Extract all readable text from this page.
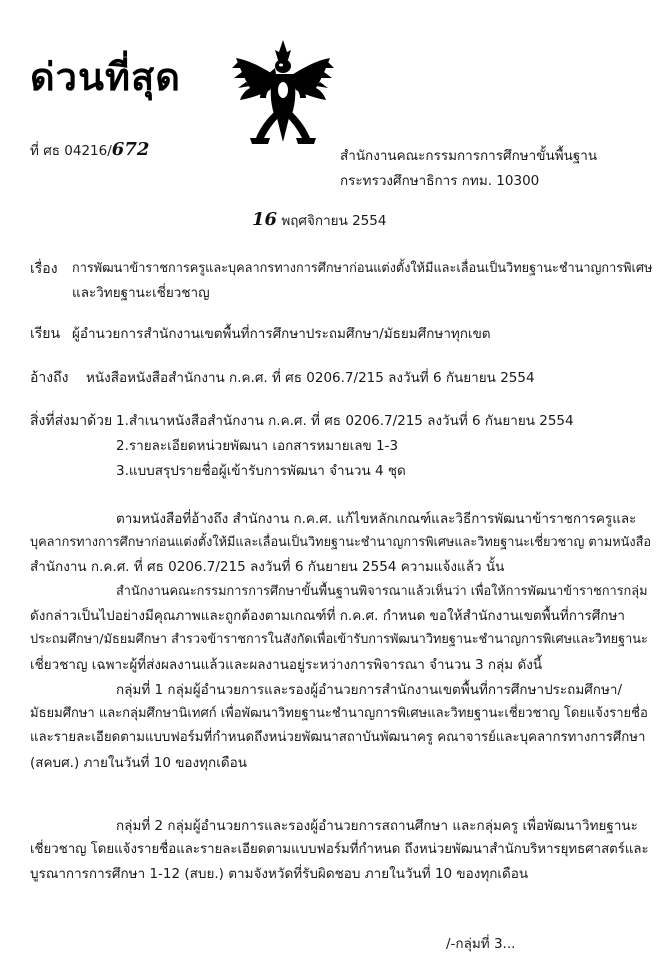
ด่วนที่สุด
ที่ ศธ 04216/672	สำนักงานคณะกรรมการการศึกษาขั้นพื้นฐาน
กระทรวงศึกษาธิการ กทม. 10300
16 พฤศจิกายน 2554
เรื่อง การพัฒนาข้าราชการครูและบุคลากรทางการศึกษาก่อนแต่งตั้งให้มีและเลื่อนเป็นวิทยฐานะชำนาญการพิเศษ
และวิทยฐานะเชี่ยวชาญ
เรียน ผู้อำนวยการสำนักงานเขตพื้นที่การศึกษาประถมศึกษา/มัธยมศึกษาทุกเขต
อ้างถึง หนังสือหนังสือสำนักงาน ก.ค.ศ. ที่ ศธ 0206.7/215 ลงวันที่ 6 กันยายน 2554
สิ่งที่ส่งมาด้วย 1.สำเนาหนังสือสำนักงาน ก.ค.ศ. ที่ ศธ 0206.7/215 ลงวันที่ 6 กันยายน 2554
2.รายละเอียดหน่วยพัฒนา เอกสารหมายเลข 1-3
3.แบบสรุปรายชื่อผู้เข้ารับการพัฒนา จำนวน 4 ชุด
ตามหนังสือที่อ้างถึง สำนักงาน ก.ค.ศ. แก้ไขหลักเกณฑ์และวิธีการพัฒนาข้าราชการครูและ
บุคลากรทางการศึกษาก่อนแต่งตั้งให้มีและเลื่อนเป็นวิทยฐานะชำนาญการพิเศษและวิทยฐานะเชี่ยวชาญ ตามหนังสือ
สำนักงาน ก.ค.ศ. ที่ ศธ 0206.7/215 ลงวันที่ 6 กันยายน 2554 ความแจ้งแล้ว นั้น
สำนักงานคณะกรรมการการศึกษาขั้นพื้นฐานพิจารณาแล้วเห็นว่า เพื่อให้การพัฒนาข้าราชการกลุ่ม
ดังกล่าวเป็นไปอย่างมีคุณภาพและถูกต้องตามเกณฑ์ที่ ก.ค.ศ. กำหนด ขอให้สำนักงานเขตพื้นที่การศึกษา
ประถมศึกษา/มัธยมศึกษา สำรวจข้าราชการในสังกัดเพื่อเข้ารับการพัฒนาวิทยฐานะชำนาญการพิเศษและวิทยฐานะ
เชี่ยวชาญ เฉพาะผู้ที่ส่งผลงานแล้วและผลงานอยู่ระหว่างการพิจารณา จำนวน 3 กลุ่ม ดังนี้
กลุ่มที่ 1 กลุ่มผู้อำนวยการและรองผู้อำนวยการสำนักงานเขตพื้นที่การศึกษาประถมศึกษา/
มัธยมศึกษา และกลุ่มศึกษานิเทศก์ เพื่อพัฒนาวิทยฐานะชำนาญการพิเศษและวิทยฐานะเชี่ยวชาญ โดยแจ้งรายชื่อ
และรายละเอียดตามแบบฟอร์มที่กำหนดถึงหน่วยพัฒนาสถาบันพัฒนาครู คณาจารย์และบุคลากรทางการศึกษา
(สคบศ.) ภายในวันที่ 10 ของทุกเดือน
กลุ่มที่ 2 กลุ่มผู้อำนวยการและรองผู้อำนวยการสถานศึกษา และกลุ่มครู เพื่อพัฒนาวิทยฐานะ
เชี่ยวชาญ โดยแจ้งรายชื่อและรายละเอียดตามแบบฟอร์มที่กำหนด ถึงหน่วยพัฒนาสำนักบริหารยุทธศาสตร์และ
บูรณาการการศึกษา 1-12 (สบย.) ตามจังหวัดที่รับผิดชอบ ภายในวันที่ 10 ของทุกเดือน
/-กลุ่มที่ 3...
